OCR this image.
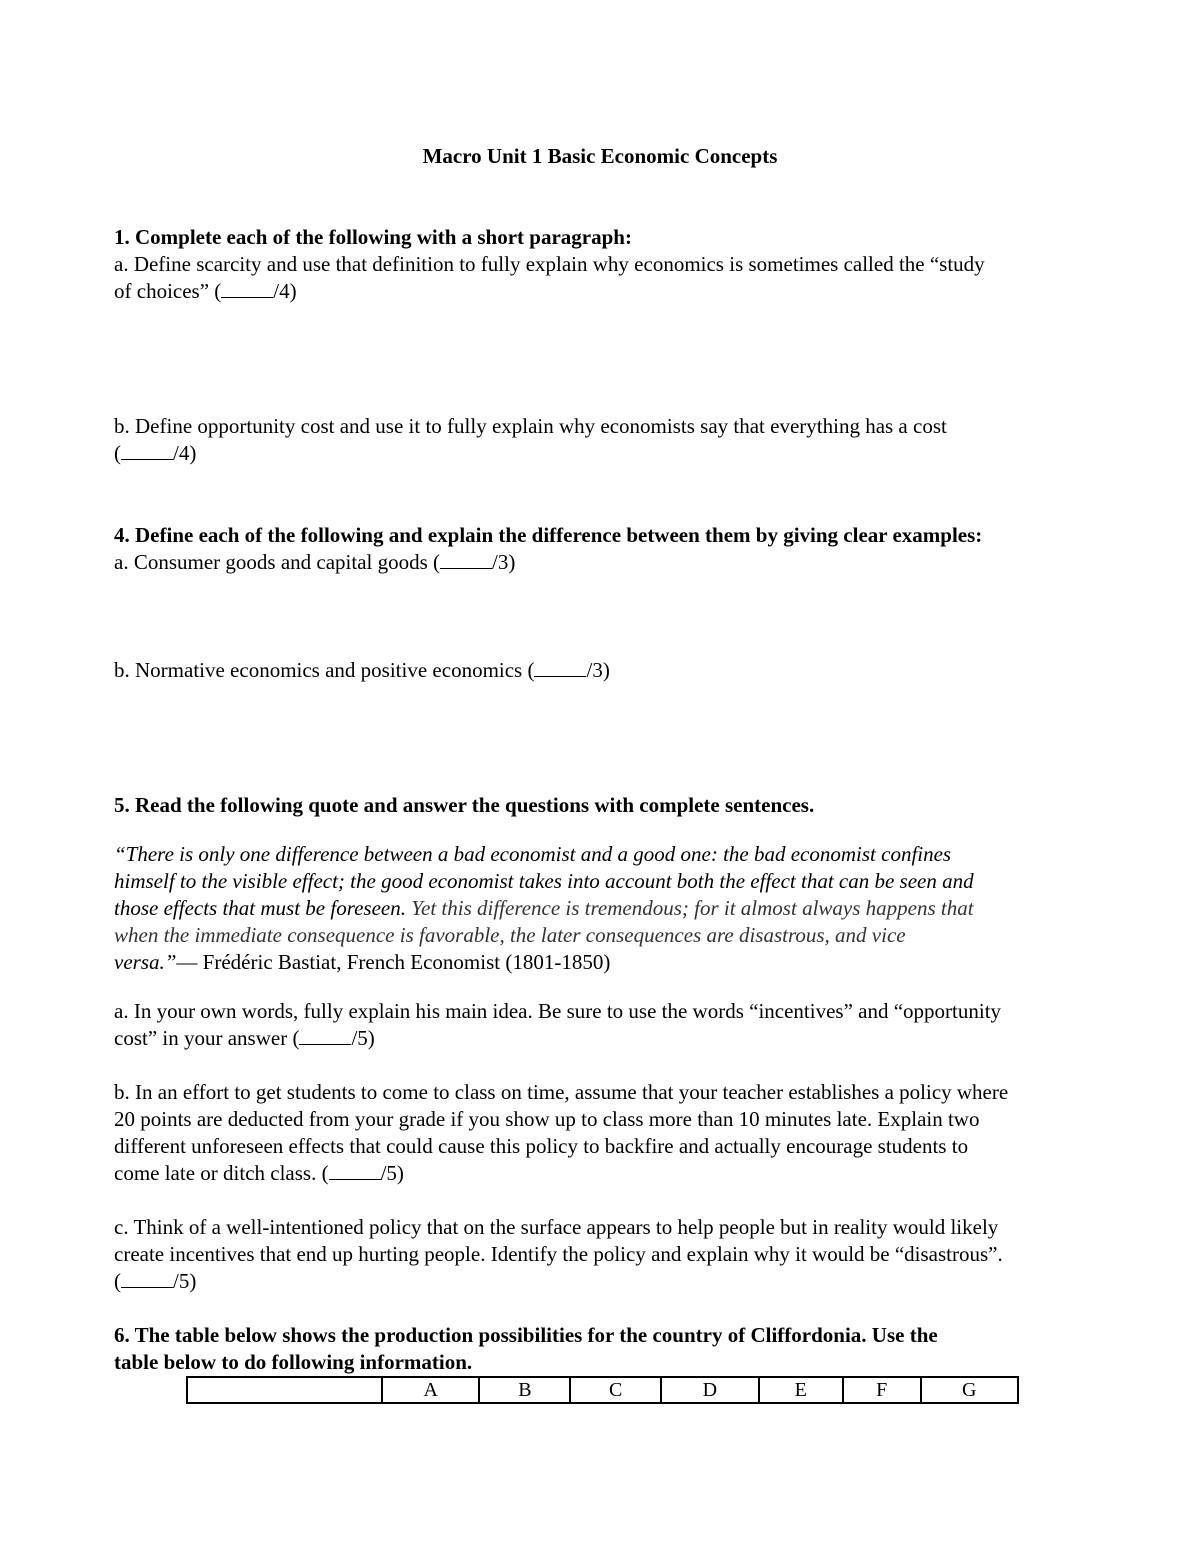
Macro Unit 1 Basic Economic Concepts
1. Complete each of the following with a short paragraph:
a. Define scarcity and use that definition to fully explain why economics is sometimes called the “study
of choices” ( /4)
b. Define opportunity cost and use it to fully explain why economists say that everything has a cost
( /4)
4. Define each of the following and explain the difference between them by giving clear examples:
a. Consumer goods and capital goods ( /3)
b. Normative economics and positive economics ( /3)
5. Read the following quote and answer the questions with complete sentences.
“There is only one difference between a bad economist and a good one: the bad economist confines
himself to the visible effect; the good economist takes into account both the effect that can be seen and
those effects that must be foreseen. Yet this difference is tremendous; for it almost always happens that
when the immediate consequence is favorable, the later consequences are disastrous, and vice
versa.”— Frédéric Bastiat, French Economist (1801-1850)
a. In your own words, fully explain his main idea. Be sure to use the words “incentives” and “opportunity
cost” in your answer ( /5)
b. In an effort to get students to come to class on time, assume that your teacher establishes a policy where
20 points are deducted from your grade if you show up to class more than 10 minutes late. Explain two
different unforeseen effects that could cause this policy to backfire and actually encourage students to
come late or ditch class. ( /5)
c. Think of a well-intentioned policy that on the surface appears to help people but in reality would likely
create incentives that end up hurting people. Identify the policy and explain why it would be “disastrous”.
( /5)
6. The table below shows the production possibilities for the country of Cliffordonia. Use the
table below to do following information.
	A	B	C	D	E	F	G
